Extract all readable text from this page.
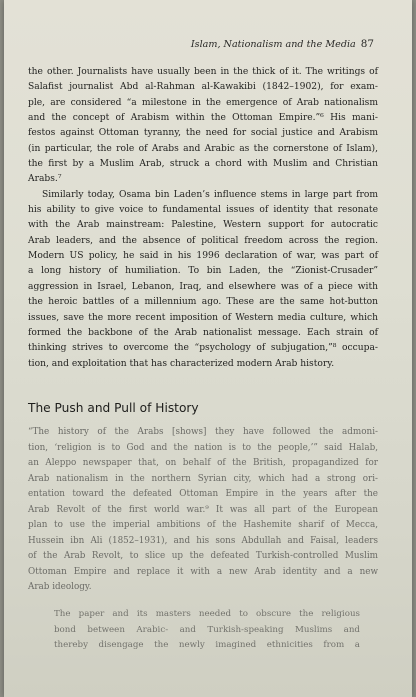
Islam, Nationalism and the Media 87
the other. Journalists have usually been in the thick of it. The writings of
Salafist journalist Abd al-Rahman al-Kawakibi (1842–1902), for exam-
ple, are considered “a milestone in the emergence of Arab nationalism
and the concept of Arabism within the Ottoman Empire.”⁶ His mani-
festos against Ottoman tyranny, the need for social justice and Arabism
(in particular, the role of Arabs and Arabic as the cornerstone of Islam),
the first by a Muslim Arab, struck a chord with Muslim and Christian
Arabs.⁷
Similarly today, Osama bin Laden’s influence stems in large part from
his ability to give voice to fundamental issues of identity that resonate
with the Arab mainstream: Palestine, Western support for autocratic
Arab leaders, and the absence of political freedom across the region.
Modern US policy, he said in his 1996 declaration of war, was part of
a long history of humiliation. To bin Laden, the “Zionist-Crusader”
aggression in Israel, Lebanon, Iraq, and elsewhere was of a piece with
the heroic battles of a millennium ago. These are the same hot-button
issues, save the more recent imposition of Western media culture, which
formed the backbone of the Arab nationalist message. Each strain of
thinking strives to overcome the “psychology of subjugation,”⁸ occupa-
tion, and exploitation that has characterized modern Arab history.
The Push and Pull of History
“The history of the Arabs [shows] they have followed the admoni-
tion, ‘religion is to God and the nation is to the people,’” said Halab,
an Aleppo newspaper that, on behalf of the British, propagandized for
Arab nationalism in the northern Syrian city, which had a strong ori-
entation toward the defeated Ottoman Empire in the years after the
Arab Revolt of the first world war.⁹ It was all part of the European
plan to use the imperial ambitions of the Hashemite sharif of Mecca,
Hussein ibn Ali (1852–1931), and his sons Abdullah and Faisal, leaders
of the Arab Revolt, to slice up the defeated Turkish-controlled Muslim
Ottoman Empire and replace it with a new Arab identity and a new
Arab ideology.
The paper and its masters needed to obscure the religious
bond between Arabic- and Turkish-speaking Muslims and
thereby disengage the newly imagined ethnicities from a
